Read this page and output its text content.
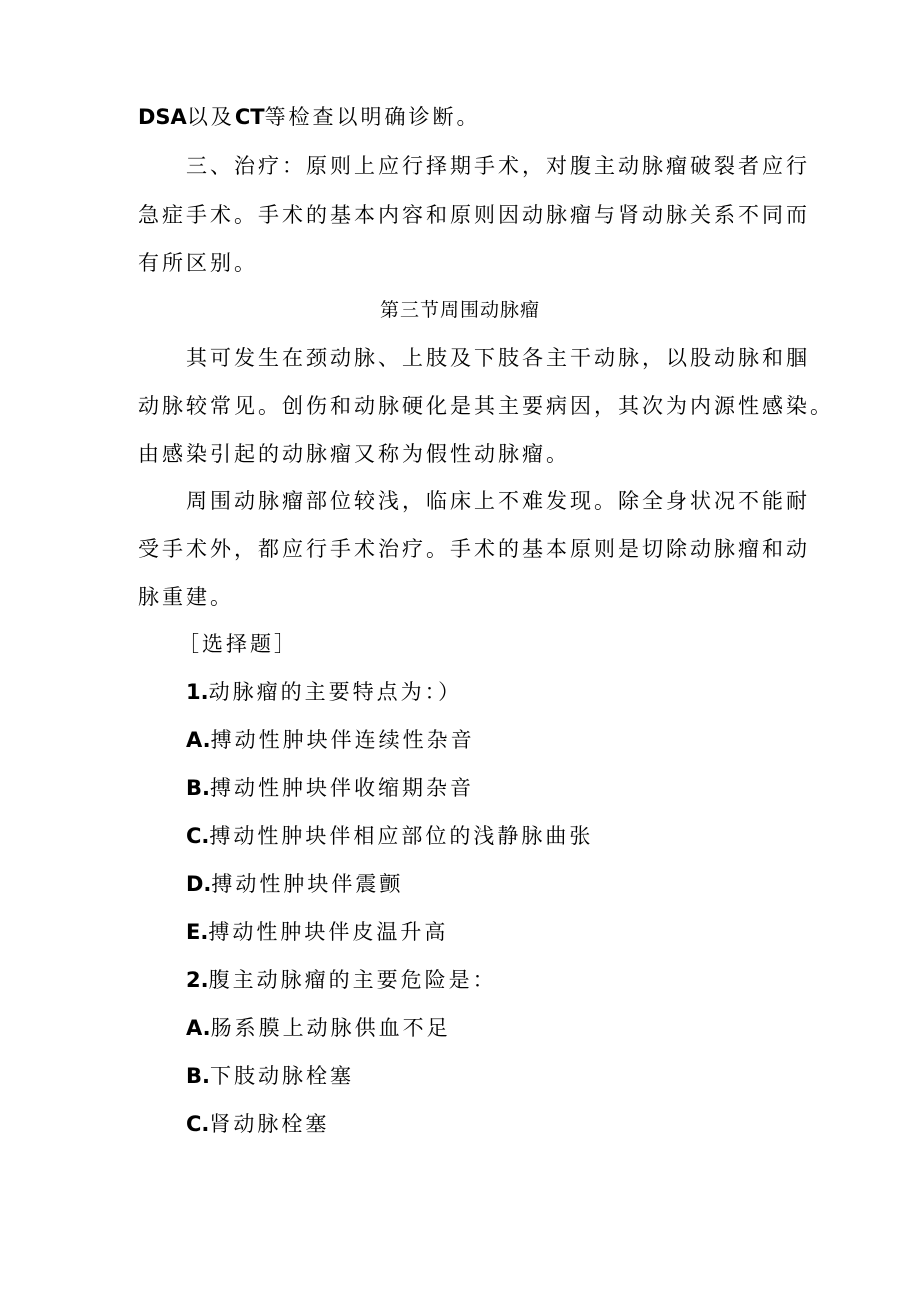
DSA以及CT等检查以明确诊断。
三、治疗：原则上应行择期手术，对腹主动脉瘤破裂者应行
急症手术。手术的基本内容和原则因动脉瘤与肾动脉关系不同而
有所区别。
第三节周围动脉瘤
其可发生在颈动脉、上肢及下肢各主干动脉，以股动脉和腘
动脉较常见。创伤和动脉硬化是其主要病因，其次为内源性感染。
由感染引起的动脉瘤又称为假性动脉瘤。
周围动脉瘤部位较浅，临床上不难发现。除全身状况不能耐
受手术外，都应行手术治疗。手术的基本原则是切除动脉瘤和动
脉重建。
［选择题］
1.动脉瘤的主要特点为：）
A.搏动性肿块伴连续性杂音
B.搏动性肿块伴收缩期杂音
C.搏动性肿块伴相应部位的浅静脉曲张
D.搏动性肿块伴震颤
E.搏动性肿块伴皮温升高
2.腹主动脉瘤的主要危险是：
A.肠系膜上动脉供血不足
B.下肢动脉栓塞
C.肾动脉栓塞
